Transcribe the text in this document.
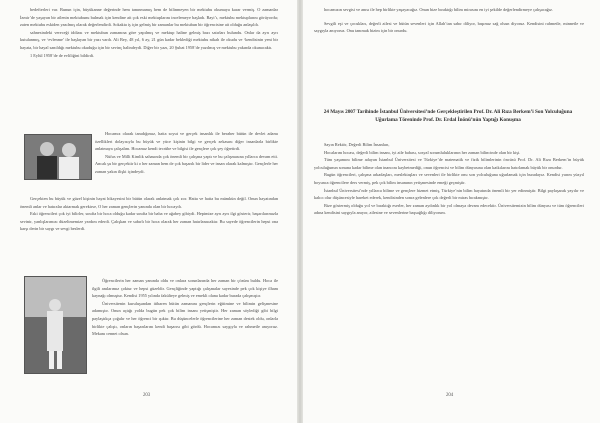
bedefterleri var. Bunun için, büyükanne değerinde hem tanınmamış hem de bilinmeyen bir mektubu okumaya karar vermiş. O zamanlar İzmir’de yaşayan bir ailenin mektubunu bulmak için kendine ait çok eski mektuplarını incelemeye başladı. Bayi’ı, mektubu mektuplarını görüyordu; zaten mektubu eskiden yazılmış olarak değerlendirdi. Sokakta iş için gelmiş bir zamanlar bu mektubun bir öğrencisine ait olduğu anlaşıldı.

sahnesindeki vereceği iddiası ve mektubun zamanına göre yapılmış ve mektup haline gelmiş bazı satırları bulundu. Onlar da ayrı ayrı kutulanmış, ve ‘evlenme’ ile başlayan bir yazı vardı. Ali Bey, 48 yıl, 6 ay, 21 gün kadar beklediği mektubu nikah ile okudu ve ‘kendisinin yeni bir hayata, bir hayal sanıldığı mektubu okuduğu için bir sevinç halindeydi. Diğer bir yazı, 20 Şubat 1958’de yazılmış ve mektubu yakında okunacaktı.

1 Eylül 1958’de de evliliğini bildirdi.

Hocamız olarak tanıdığımız, hatta soyut ve gerçek insanlık ile beraber bütün ile devlet adamı özellikleri dolayısıyla bu büyük ve yüce kişinin bilgi ve gerçek zekasını diğer insanlarla birlikte anlatmaya çalışalım. Hocamız kendi tecrübe ve bilgisi ile gençlere çok şey öğretirdi.

Nüfus ve Milli Kimlik sahasında çok önemli bir çalışma yaptı ve bu çalışmasına yıllarca devam etti. Ancak şu bir gerçektir ki o her zaman hem de çok başarılı bir lider ve insan olarak kalmıştır. Gençlerle her zaman yakın ilişki içindeydi.

Gerçekten bu büyük ve güzel kişinin hayat hikayesini bir bütün olarak anlatmak çok zor. Hatta ve hatta bu mümkün değil. Onun hayatından önemli anlar ve hatıralar aktarmak gerekirse, O her zaman gençlerin yanında olan bir hocaydı.

Eski öğrencileri çok iyi bilirler, sınıfta bir hoca olduğu kadar sınıfta bir baba ve ağabey gibiydi. Hepimize ayrı ayrı ilgi gösterir, başarılarımızla sevinir, yanlışlarımızı düzeltmemize yardım ederdi. Çalışkan ve sabırlı bir hoca olarak her zaman hatırlanacaktır. Bu sayede öğrencilerin hepsi ona karşı derin bir saygı ve sevgi beslerdi.

Öğrencilerin her zaman yanında oldu ve onlara sorunlarında her zaman bir çözüm buldu. Hoca ile ilgili anılarımız çoktur ve hepsi güzeldir. Gençliğinde yaptığı çalışmalar sayesinde pek çok kişiye ilham kaynağı olmuştur. Kendisi 1955 yılında fakülteye gelmiş ve emekli olana kadar burada çalışmıştır.

Üniversitenin kuruluşundan itibaren bütün zamanını gençlerin eğitimine ve bilimin gelişmesine adamıştır. Onun açtığı yolda bugün pek çok bilim insanı yetişmiştir. Her zaman söylediği gibi bilgi paylaştıkça çoğalır ve her öğrenci bir ışıktır. Bu düşüncelerle öğrencilerine her zaman destek oldu, onlarla birlikte çalıştı, onların başarılarını kendi başarısı gibi gördü. Hocamızı saygıyla ve rahmetle anıyoruz. Mekanı cennet olsun.

203

hocamızın sevgisi ve anısı ile hep birlikte yaşayacağız. Onun bize bıraktığı bilim mirasını en iyi şekilde değerlendirmeye çalışacağız.

Sevgili eşi ve çocukları, değerli ailesi ve bütün sevenleri için Allah’tan sabır diliyor, başımız sağ olsun diyoruz. Kendisini rahmetle, minnetle ve saygıyla anıyoruz. Onu tanımak bizim için bir onurdu.

24 Mayıs 2007 Tarihinde İstanbul Üniversitesi’nde Gerçekleştirilen Prof. Dr. Ali Rıza Berkem’i Son Yolculuğuna Uğurlama Töreninde Prof. Dr. Erdal İnönü’nün Yaptığı Konuşma

Sayın Rektör, Değerli Bilim İnsanları,

Hocalarım hocası, değerli bilim insanı, iyi aile babası, sosyal sorumluluklarının her zaman bilincinde olan bir kişi.

Tüm yaşamını bilime adayan İstanbul Üniversitesi ve Türkiye’de matematik ve fizik bilimlerinin öncüsü Prof. Dr. Ali Rıza Berkem’in büyük yolculuğunun sonuna kadar bilime olan inancını kaybetmediği, onun öğrencisi ve bilim dünyasına olan katkılarını hatırlamak büyük bir onurdur.

Bugün öğrencileri, çalışma arkadaşları, meslektaşları ve sevenleri ile birlikte onu son yolculuğuna uğurlamak için buradayız. Kendisi yarım yüzyıl boyunca öğrencilere ders vermiş, pek çok bilim insanının yetişmesinde emeği geçmiştir.

İstanbul Üniversitesi’nde yıllarca bilime ve gençlere hizmet etmiş, Türkiye’nin bilim hayatında önemli bir yer edinmiştir. Bilgi paylaşarak yayılır ve kalıcı olur düşüncesiyle hareket ederek, kendisinden sonra gelenlere çok değerli bir miras bırakmıştır.

Bize göstermiş olduğu yol ve bıraktığı eserler, her zaman aydınlık bir yol olmaya devam edecektir. Üniversitemizin bilim dünyası ve tüm öğrencileri adına kendisini saygıyla anıyor, ailesine ve sevenlerine başsağlığı diliyorum.

204
